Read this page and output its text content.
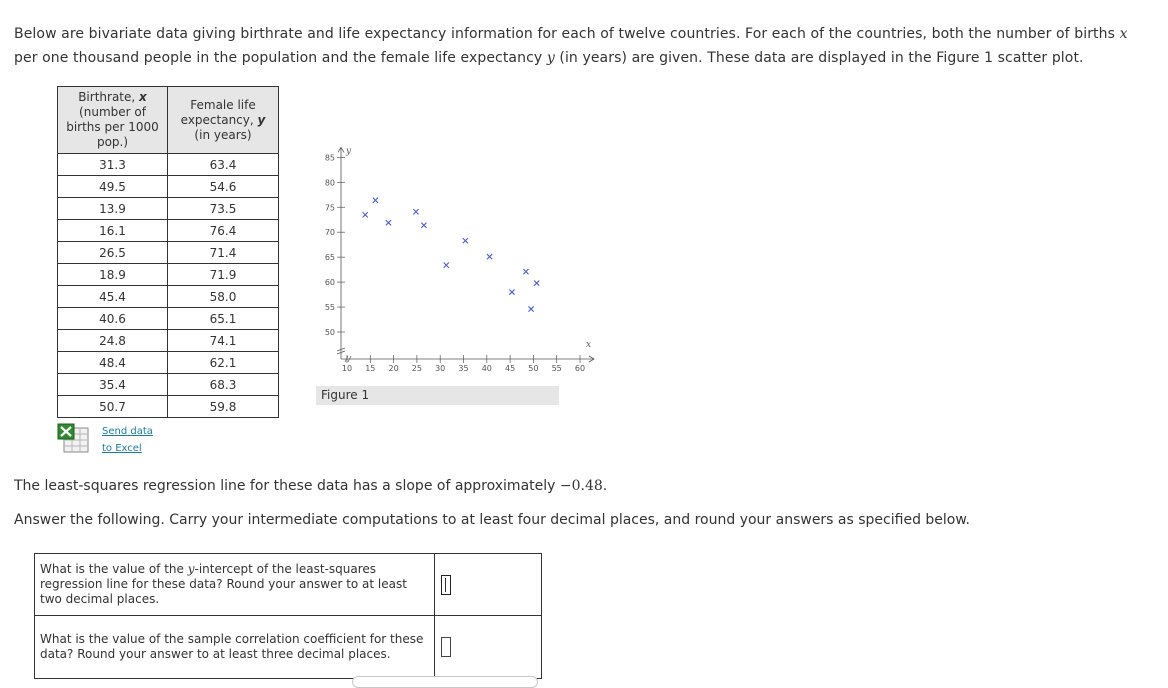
Below are bivariate data giving birthrate and life expectancy information for each of twelve countries. For each of the countries, both the number of births x per one thousand people in the population and the female life expectancy y (in years) are given. These data are displayed in the Figure 1 scatter plot.
Birthrate, x
(number of
births per 1000
pop.)	Female life
expectancy, y
(in years)
31.3	63.4
49.5	54.6
13.9	73.5
16.1	76.4
26.5	71.4
18.9	71.9
45.4	58.0
40.6	65.1
24.8	74.1
48.4	62.1
35.4	68.3
50.7	59.8
Send data
to Excel
10 15 20 25 30 35 40 45 50 55 60
50
55
60
65
70
75
80
85
x
y
Figure 1
The least-squares regression line for these data has a slope of approximately −0.48.
Answer the following. Carry your intermediate computations to at least four decimal places, and round your answers as specified below.
What is the value of the y-intercept of the least-squares regression line for these data? Round your answer to at least two decimal places.	

What is the value of the sample correlation coefficient for these data? Round your answer to at least three decimal places.	
